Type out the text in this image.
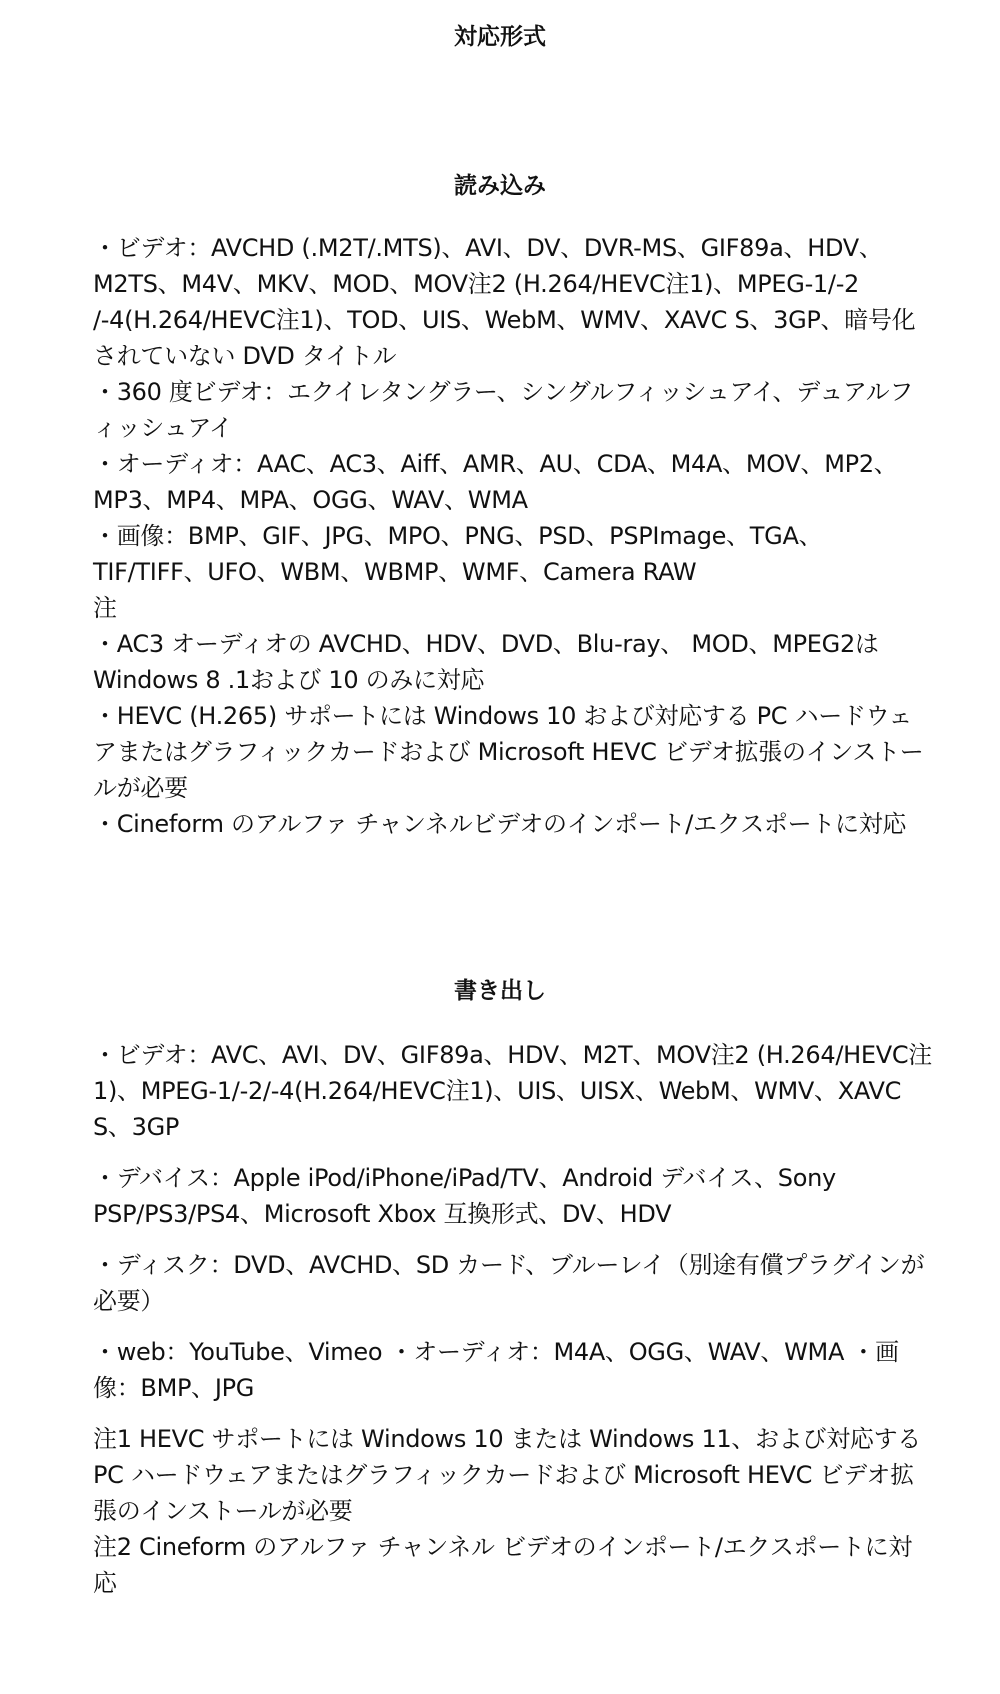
対応形式
読み込み

・ビデオ：AVCHD (.M2T/.MTS)、AVI、DV、DVR-MS、GIF89a、HDV、M2TS、M4V、MKV、MOD、MOV注2 (H.264/HEVC注1)、MPEG-1/-2 /-4(H.264/HEVC注1)、TOD、UIS、WebM、WMV、XAVC S、3GP、暗号化されていない DVD タイトル

・360 度ビデオ：エクイレタングラー、シングルフィッシュアイ、デュアルフィッシュアイ

・オーディオ：AAC、AC3、Aiff、AMR、AU、CDA、M4A、MOV、MP2、MP3、MP4、MPA、OGG、WAV、WMA

・画像：BMP、GIF、JPG、MPO、PNG、PSD、PSPImage、TGA、TIF/TIFF、UFO、WBM、WBMP、WMF、Camera RAW

注

・AC3 オーディオの AVCHD、HDV、DVD、Blu-ray、 MOD、MPEG2は Windows 8 .1および 10 のみに対応

・HEVC (H.265) サポートには Windows 10 および対応する PC ハードウェアまたはグラフィックカードおよび Microsoft HEVC ビデオ拡張のインストールが必要

・Cineform のアルファ チャンネルビデオのインポート/エクスポートに対応

書き出し

・ビデオ：AVC、AVI、DV、GIF89a、HDV、M2T、MOV注2 (H.264/HEVC注1)、MPEG-1/-2/-4(H.264/HEVC注1)、UIS、UISX、WebM、WMV、XAVC S、3GP

・デバイス：Apple iPod/iPhone/iPad/TV、Android デバイス、Sony PSP/PS3/PS4、Microsoft Xbox 互換形式、DV、HDV

・ディスク：DVD、AVCHD、SD カード、ブルーレイ（別途有償プラグインが必要）

・web：YouTube、Vimeo ・オーディオ：M4A、OGG、WAV、WMA ・画像：BMP、JPG

注1 HEVC サポートには Windows 10 または Windows 11、および対応する PC ハードウェアまたはグラフィックカードおよび Microsoft HEVC ビデオ拡張のインストールが必要

注2 Cineform のアルファ チャンネル ビデオのインポート/エクスポートに対応
